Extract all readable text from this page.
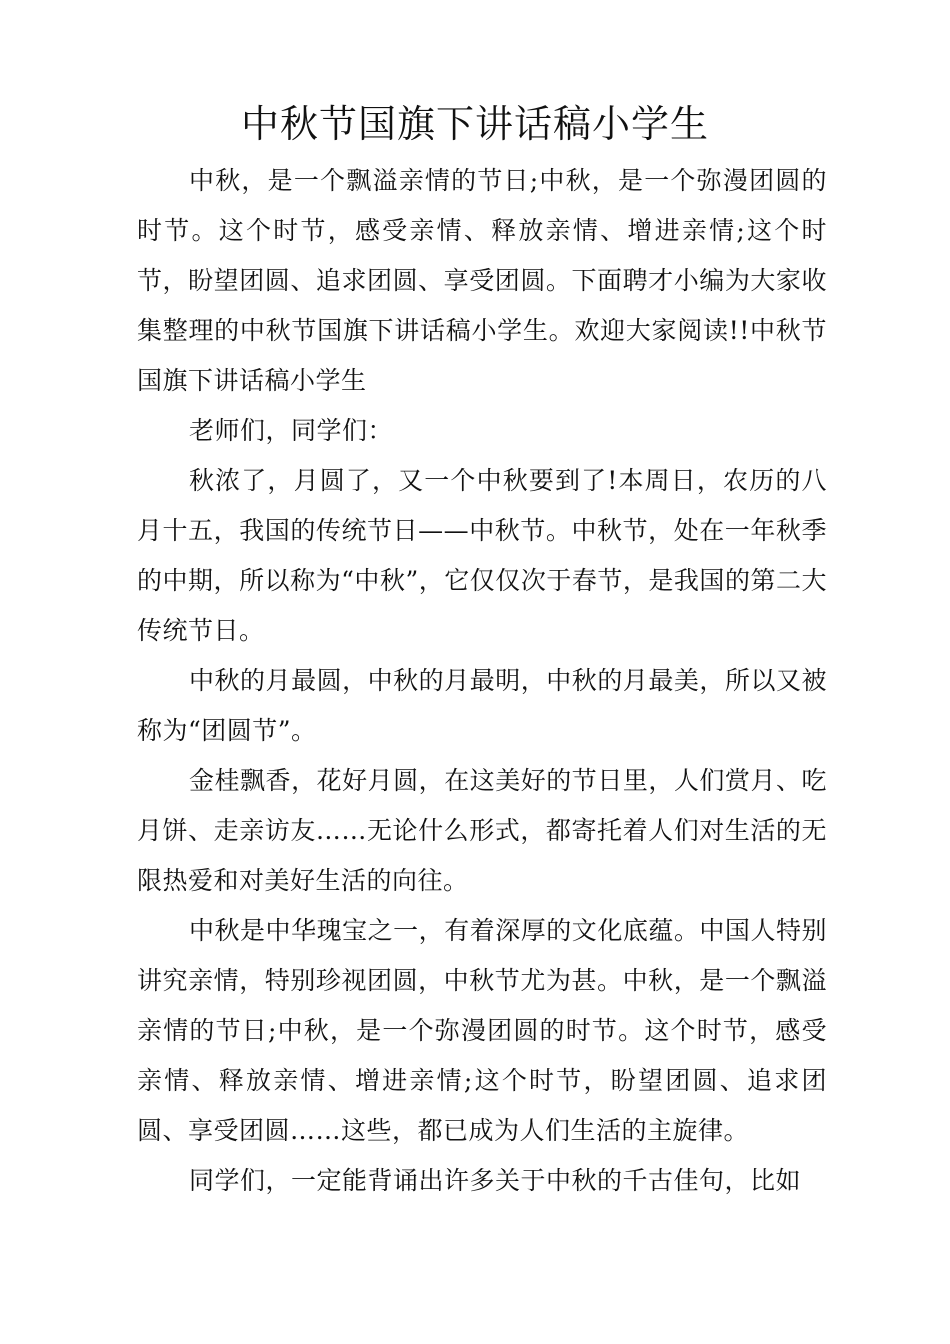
中秋节国旗下讲话稿小学生

中秋，是一个飘溢亲情的节日;中秋，是一个弥漫团圆的时节。这个时节，感受亲情、释放亲情、增进亲情;这个时节，盼望团圆、追求团圆、享受团圆。下面聘才小编为大家收集整理的中秋节国旗下讲话稿小学生。欢迎大家阅读!!中秋节国旗下讲话稿小学生

老师们，同学们：

秋浓了，月圆了，又一个中秋要到了!本周日，农历的八月十五，我国的传统节日——中秋节。中秋节，处在一年秋季的中期，所以称为“中秋”，它仅仅次于春节，是我国的第二大传统节日。

中秋的月最圆，中秋的月最明，中秋的月最美，所以又被称为“团圆节”。

金桂飘香，花好月圆，在这美好的节日里，人们赏月、吃月饼、走亲访友……无论什么形式，都寄托着人们对生活的无限热爱和对美好生活的向往。

中秋是中华瑰宝之一，有着深厚的文化底蕴。中国人特别讲究亲情，特别珍视团圆，中秋节尤为甚。中秋，是一个飘溢亲情的节日;中秋，是一个弥漫团圆的时节。这个时节，感受亲情、释放亲情、增进亲情;这个时节，盼望团圆、追求团圆、享受团圆……这些，都已成为人们生活的主旋律。

同学们，一定能背诵出许多关于中秋的千古佳句，比如
